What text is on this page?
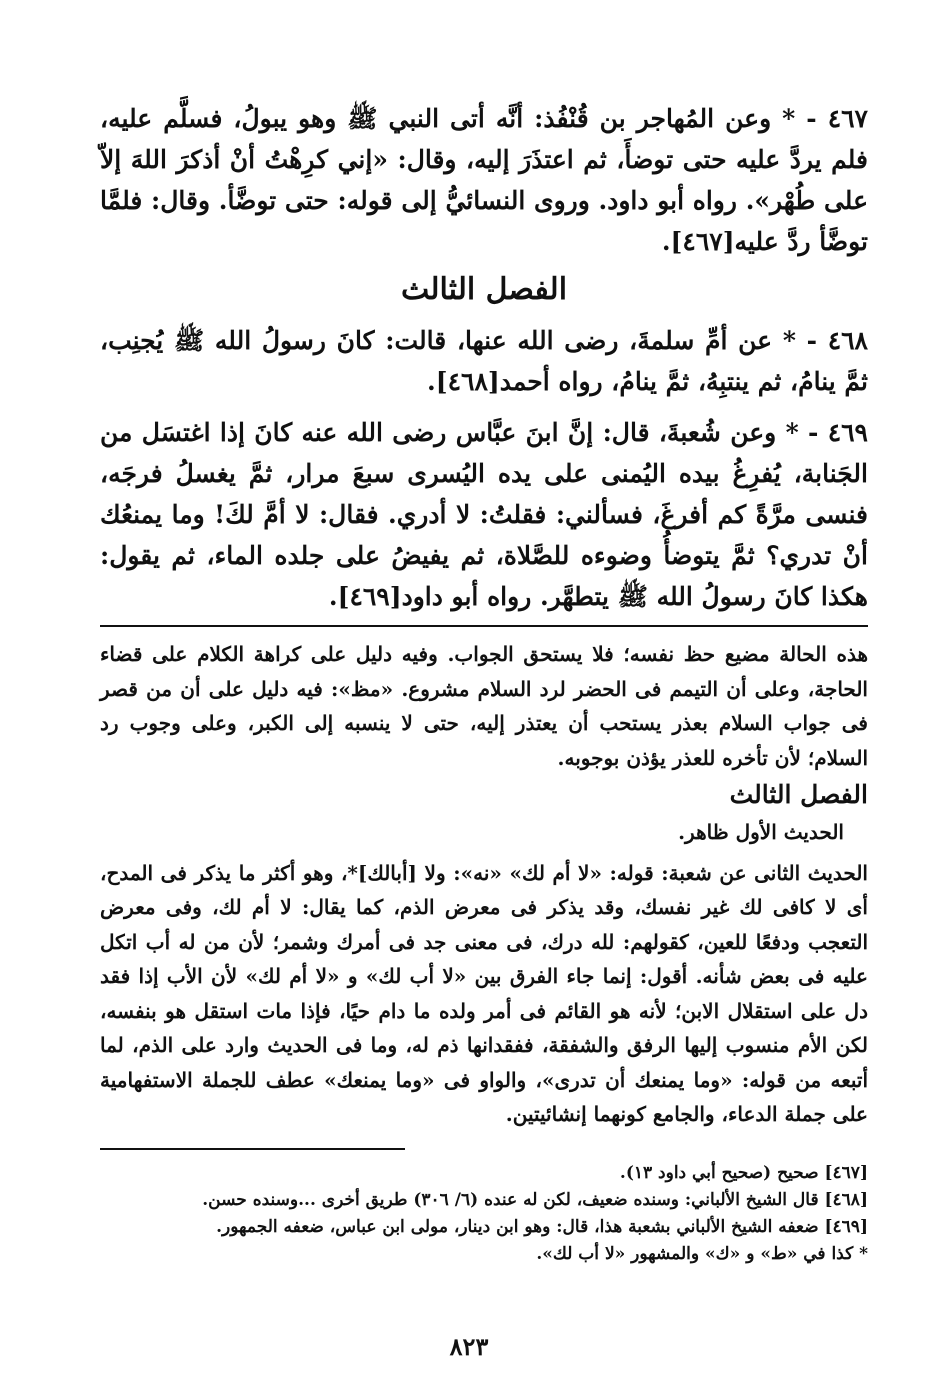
٤٦٧ - * وعن المُهاجر بن قُنْفُذ: أنَّه أتى النبي ﷺ وهو يبولُ، فسلَّم عليه، فلم يردَّ عليه حتى توضأَ، ثم اعتذَرَ إليه، وقال: «إني كرِهْتُ أنْ أذكرَ اللهَ إلاّ على طُهْر». رواه أبو داود. وروى النسائيُّ إلى قوله: حتى توضَّأ. وقال: فلمَّا توضَّأ ردَّ عليه[٤٦٧].
الفصل الثالث
٤٦٨ - * عن أمِّ سلمةَ، رضى الله عنها، قالت: كانَ رسولُ الله ﷺ يُجنِب، ثمَّ ينامُ، ثم ينتبِهُ، ثمَّ ينامُ، رواه أحمد[٤٦٨].
٤٦٩ - * وعن شُعبةَ، قال: إنَّ ابنَ عبَّاس رضى الله عنه كانَ إذا اغتسَل من الجَنابة، يُفرِغُ بيده اليُمنى على يده اليُسرى سبعَ مرار، ثمَّ يغسلُ فرجَه، فنسى مرَّةً كم أفرغَ، فسألني: فقلتُ: لا أدري. فقال: لا أمَّ لكَ! وما يمنعُك أنْ تدري؟ ثمَّ يتوضأُ وضوءه للصَّلاة، ثم يفيضُ على جلده الماء، ثم يقول: هكذا كانَ رسولُ الله ﷺ يتطهَّر. رواه أبو داود[٤٦٩].
هذه الحالة مضيع حظ نفسه؛ فلا يستحق الجواب. وفيه دليل على كراهة الكلام على قضاء الحاجة، وعلى أن التيمم فى الحضر لرد السلام مشروع. «مظ»: فيه دليل على أن من قصر فى جواب السلام بعذر يستحب أن يعتذر إليه، حتى لا ينسبه إلى الكبر، وعلى وجوب رد السلام؛ لأن تأخره للعذر يؤذن بوجوبه.
الفصل الثالث
الحديث الأول ظاهر.
الحديث الثانى عن شعبة: قوله: «لا أم لك» «نه»: ولا [أبالك]*، وهو أكثر ما يذكر فى المدح، أى لا كافى لك غير نفسك، وقد يذكر فى معرض الذم، كما يقال: لا أم لك، وفى معرض التعجب ودفعًا للعين، كقولهم: لله درك، فى معنى جد فى أمرك وشمر؛ لأن من له أب اتكل عليه فى بعض شأنه. أقول: إنما جاء الفرق بين «لا أب لك» و «لا أم لك» لأن الأب إذا فقد دل على استقلال الابن؛ لأنه هو القائم فى أمر ولده ما دام حيًا، فإذا مات استقل هو بنفسه، لكن الأم منسوب إليها الرفق والشفقة، ففقدانها ذم له، وما فى الحديث وارد على الذم، لما أتبعه من قوله: «وما يمنعك أن تدرى»، والواو فى «وما يمنعك» عطف للجملة الاستفهامية على جملة الدعاء، والجامع كونهما إنشائيتين.
[٤٦٧] صحيح (صحيح أبي داود ١٣).
[٤٦٨] قال الشيخ الألباني: وسنده ضعيف، لكن له عنده (٦/ ٣٠٦) طريق أخرى ...وسنده حسن.
[٤٦٩] ضعفه الشيخ الألباني بشعبة هذا، قال: وهو ابن دينار، مولى ابن عباس، ضعفه الجمهور.
* كذا في «ط» و «ك» والمشهور «لا أب لك».
٨٢٣
